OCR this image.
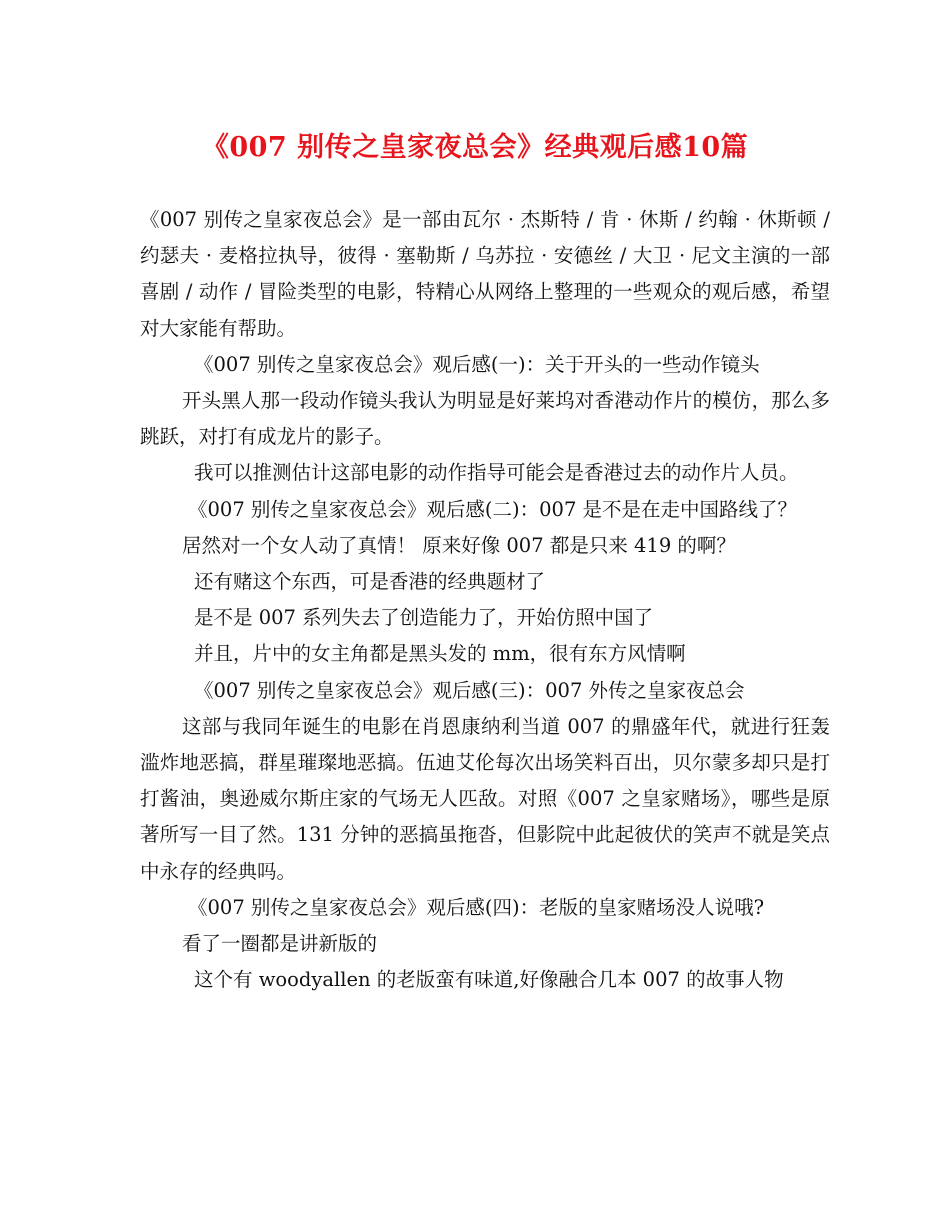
《007 别传之皇家夜总会》经典观后感10篇

《007 别传之皇家夜总会》是一部由瓦尔 · 杰斯特 / 肯 · 休斯 / 约翰 · 休斯顿 / 约瑟夫 · 麦格拉执导，彼得 · 塞勒斯 / 乌苏拉 · 安德丝 / 大卫 · 尼文主演的一部喜剧 / 动作 / 冒险类型的电影，特精心从网络上整理的一些观众的观后感，希望对大家能有帮助。

《007 别传之皇家夜总会》观后感(一)：关于开头的一些动作镜头

开头黑人那一段动作镜头我认为明显是好莱坞对香港动作片的模仿，那么多跳跃，对打有成龙片的影子。

我可以推测估计这部电影的动作指导可能会是香港过去的动作片人员。

《007 别传之皇家夜总会》观后感(二)：007 是不是在走中国路线了？

居然对一个女人动了真情！ 原来好像 007 都是只来 419 的啊？

还有赌这个东西，可是香港的经典题材了

是不是 007 系列失去了创造能力了，开始仿照中国了

并且，片中的女主角都是黑头发的 mm，很有东方风情啊

《007 别传之皇家夜总会》观后感(三)：007 外传之皇家夜总会

这部与我同年诞生的电影在肖恩康纳利当道 007 的鼎盛年代，就进行狂轰滥炸地恶搞，群星璀璨地恶搞。伍迪艾伦每次出场笑料百出，贝尔蒙多却只是打打酱油，奥逊威尔斯庄家的气场无人匹敌。对照《007 之皇家赌场》，哪些是原著所写一目了然。131 分钟的恶搞虽拖沓，但影院中此起彼伏的笑声不就是笑点中永存的经典吗。

《007 别传之皇家夜总会》观后感(四)：老版的皇家赌场没人说哦?

看了一圈都是讲新版的

这个有 woodyallen 的老版蛮有味道,好像融合几本 007 的故事人物
